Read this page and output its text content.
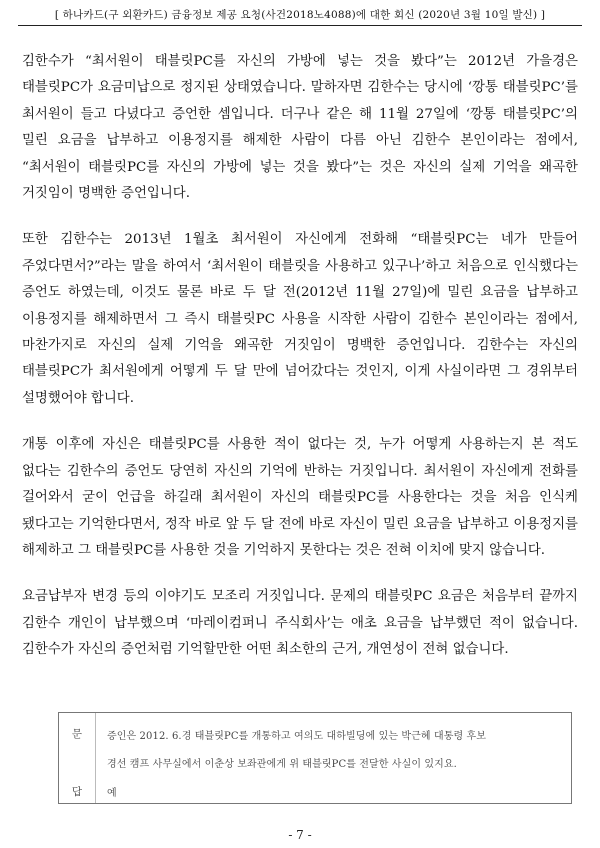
[ 하나카드(구 외환카드) 금융정보 제공 요청(사건2018노4088)에 대한 회신 (2020년 3월 10일 발신) ]

김한수가 “최서원이 태블릿PC를 자신의 가방에 넣는 것을 봤다”는 2012년 가을경은 태블릿PC가 요금미납으로 정지된 상태였습니다. 말하자면 김한수는 당시에 ‘깡통 태블릿PC’를 최서원이 들고 다녔다고 증언한 셈입니다. 더구나 같은 해 11월 27일에 ‘깡통 태블릿PC’의 밀린 요금을 납부하고 이용정지를 해제한 사람이 다름 아닌 김한수 본인이라는 점에서, “최서원이 태블릿PC를 자신의 가방에 넣는 것을 봤다”는 것은 자신의 실제 기억을 왜곡한 거짓임이 명백한 증언입니다.

또한 김한수는 2013년 1월초 최서원이 자신에게 전화해 “태블릿PC는 네가 만들어 주었다면서?”라는 말을 하여서 ‘최서원이 태블릿을 사용하고 있구나’하고 처음으로 인식했다는 증언도 하였는데, 이것도 물론 바로 두 달 전(2012년 11월 27일)에 밀린 요금을 납부하고 이용정지를 해제하면서 그 즉시 태블릿PC 사용을 시작한 사람이 김한수 본인이라는 점에서, 마찬가지로 자신의 실제 기억을 왜곡한 거짓임이 명백한 증언입니다. 김한수는 자신의 태블릿PC가 최서원에게 어떻게 두 달 만에 넘어갔다는 것인지, 이게 사실이라면 그 경위부터 설명했어야 합니다.

개통 이후에 자신은 태블릿PC를 사용한 적이 없다는 것, 누가 어떻게 사용하는지 본 적도 없다는 김한수의 증언도 당연히 자신의 기억에 반하는 거짓입니다. 최서원이 자신에게 전화를 걸어와서 굳이 언급을 하길래 최서원이 자신의 태블릿PC를 사용한다는 것을 처음 인식케 됐다고는 기억한다면서, 정작 바로 앞 두 달 전에 바로 자신이 밀린 요금을 납부하고 이용정지를 해제하고 그 태블릿PC를 사용한 것을 기억하지 못한다는 것은 전혀 이치에 맞지 않습니다.

요금납부자 변경 등의 이야기도 모조리 거짓입니다. 문제의 태블릿PC 요금은 처음부터 끝까지 김한수 개인이 납부했으며 ‘마레이컴퍼니 주식회사’는 애초 요금을 납부했던 적이 없습니다. 김한수가 자신의 증언처럼 기억할만한 어떤 최소한의 근거, 개연성이 전혀 없습니다.

문
답
증인은 2012. 6.경 태블릿PC를 개통하고 여의도 대하빌딩에 있는 박근혜 대통령 후보
경선 캠프 사무실에서 이춘상 보좌관에게 위 태블릿PC를 전달한 사실이 있지요.
예
- 7 -
